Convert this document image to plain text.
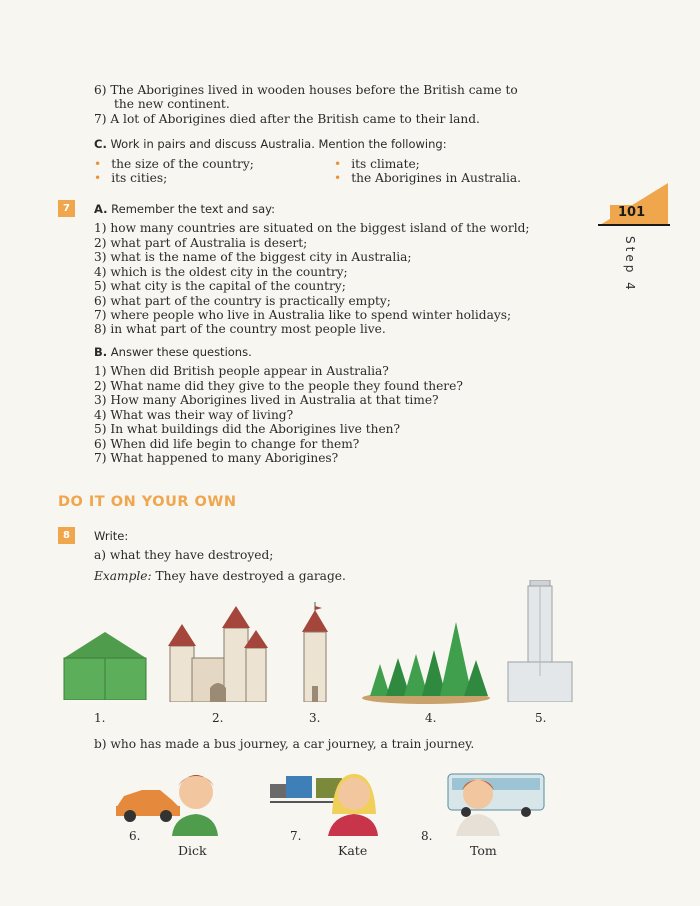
6) The Aborigines lived in wooden houses before the British came to
the new continent.
7) A lot of Aborigines died after the British came to their land.
C. Work in pairs and discuss Australia. Mention the following:
• the size of the country;
• its cities;
• its climate;
• the Aborigines in Australia.
101
Step 4
7	A. Remember the text and say:
1) how many countries are situated on the biggest island of the world;
2) what part of Australia is desert;
3) what is the name of the biggest city in Australia;
4) which is the oldest city in the country;
5) what city is the capital of the country;
6) what part of the country is practically empty;
7) where people who live in Australia like to spend winter holidays;
8) in what part of the country most people live.
B. Answer these questions.
1) When did British people appear in Australia?
2) What name did they give to the people they found there?
3) How many Aborigines lived in Australia at that time?
4) What was their way of living?
5) In what buildings did the Aborigines live then?
6) When did life begin to change for them?
7) What happened to many Aborigines?
DO IT ON YOUR OWN
8	Write:
a) what they have destroyed;
Example: They have destroyed a garage.
1.	2.	3.	4.	5.
b) who has made a bus journey, a car journey, a train journey.
6.	7.	8.
Dick	Kate	Tom
